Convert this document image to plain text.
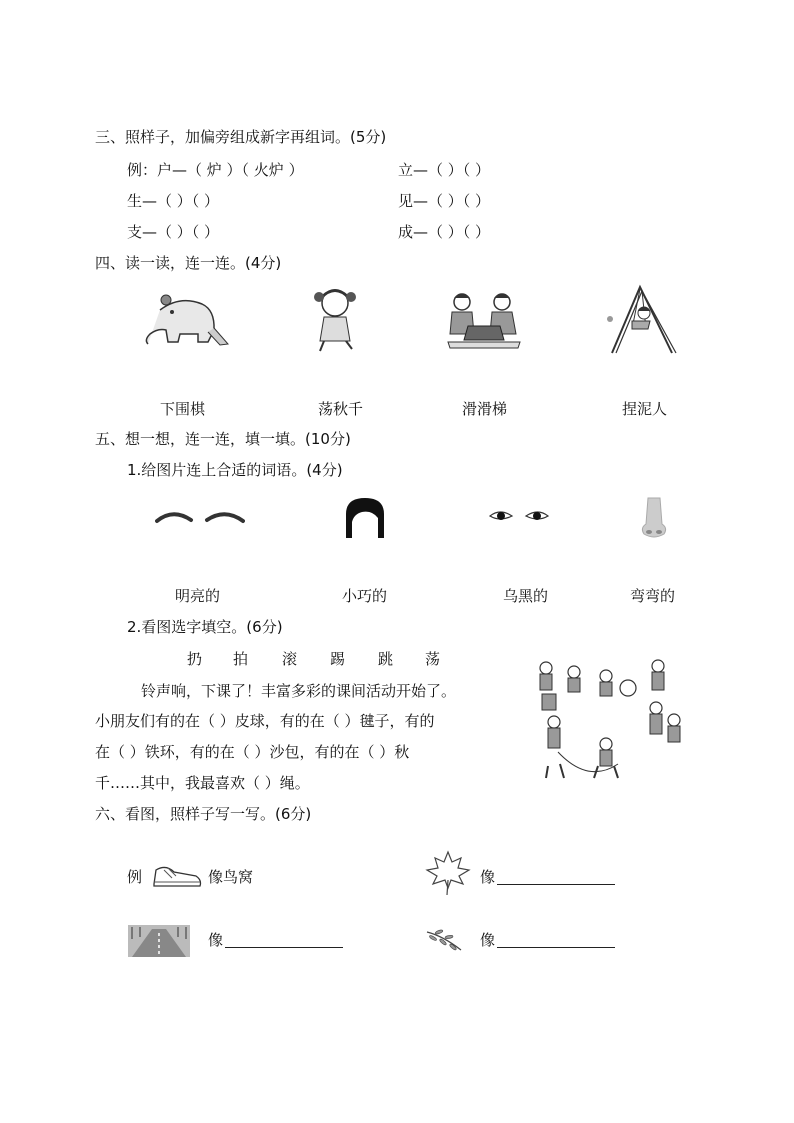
三、照样子，加偏旁组成新字再组词。(5分)
例：户—（ 炉 ）（ 火炉 ）	立—（ ）（ ）
生—（ ）（ ）	见—（ ）（ ）
支—（ ）（ ）	成—（ ）（ ）
四、读一读，连一连。(4分)
下围棋	荡秋千	滑滑梯	捏泥人
五、想一想，连一连，填一填。(10分)
1.给图片连上合适的词语。(4分)
明亮的	小巧的	乌黑的	弯弯的
2.看图选字填空。(6分)
扔 拍 滚 踢 跳 荡
铃声响，下课了！丰富多彩的课间活动开始了。
小朋友们有的在（ ）皮球，有的在（ ）毽子，有的
在（ ）铁环，有的在（ ）沙包，有的在（ ）秋
千……其中，我最喜欢（ ）绳。
六、看图，照样子写一写。(6分)
例	像鸟窝	像
像	像
